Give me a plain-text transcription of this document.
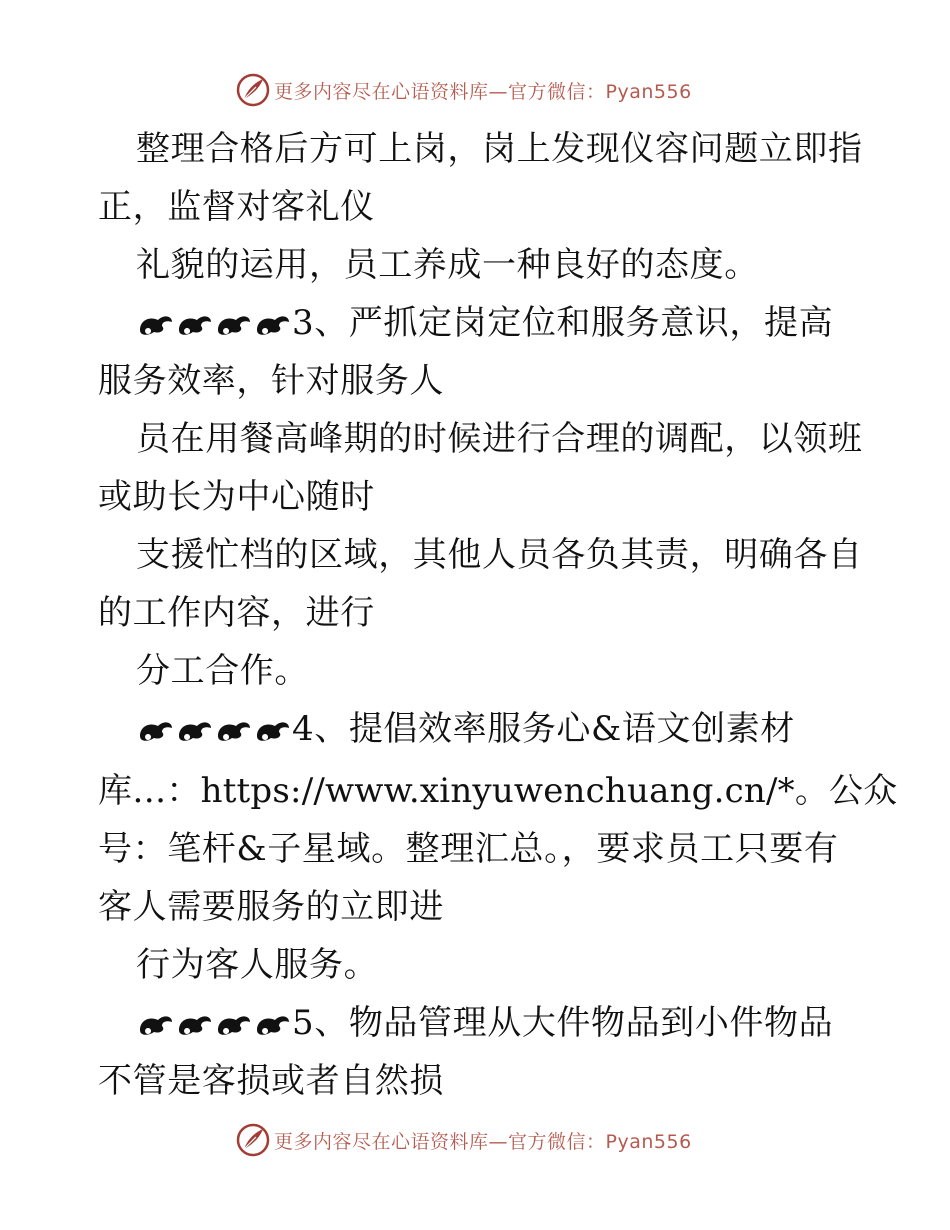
更多内容尽在心语资料库—官方微信：Pyan556
整理合格后方可上岗，岗上发现仪容问题立即指
正，监督对客礼仪
礼貌的运用，员工养成一种良好的态度。
3、严抓定岗定位和服务意识，提高
服务效率，针对服务人
员在用餐高峰期的时候进行合理的调配，以领班
或助长为中心随时
支援忙档的区域，其他人员各负其责，明确各自
的工作内容，进行
分工合作。
4、提倡效率服务心&语文创素材
库…：https://www.xinyuwenchuang.cn/*。公众
号：笔杆&子星域。整理汇总。，要求员工只要有
客人需要服务的立即进
行为客人服务。
5、物品管理从大件物品到小件物品
不管是客损或者自然损
更多内容尽在心语资料库—官方微信：Pyan556
